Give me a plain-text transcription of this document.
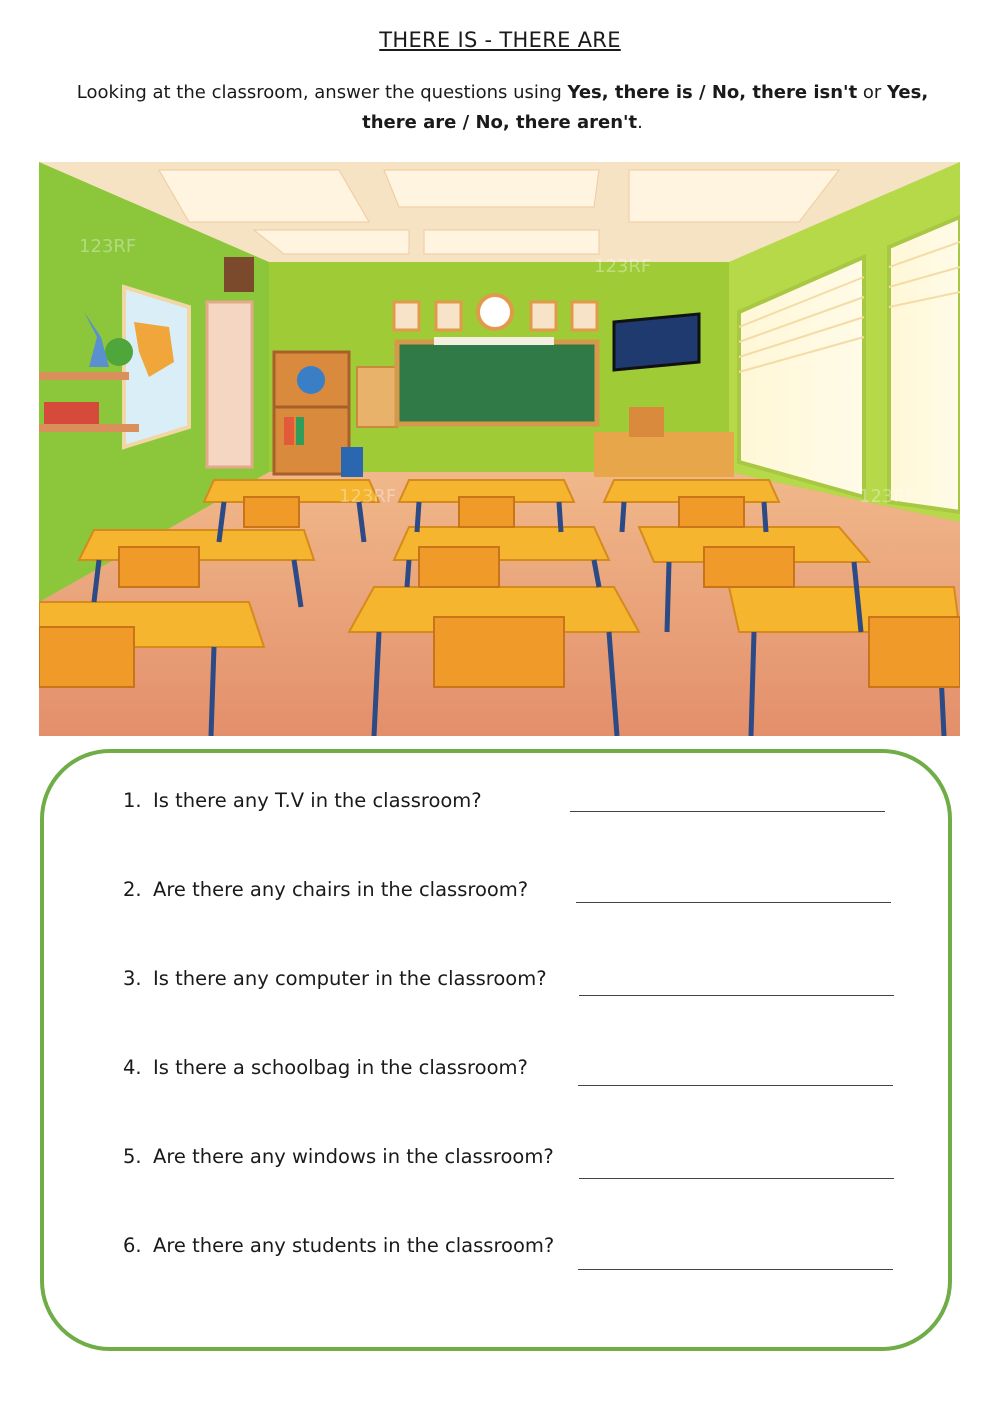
THERE IS - THERE ARE
Looking at the classroom, answer the questions using Yes, there is / No, there isn't or Yes, there are / No, there aren't.
123RF
123RF
123RF	123RF
1. Is there any T.V in the classroom?
2. Are there any chairs in the classroom?
3. Is there any computer in the classroom?
4. Is there a schoolbag in the classroom?
5. Are there any windows in the classroom?
6. Are there any students in the classroom?
